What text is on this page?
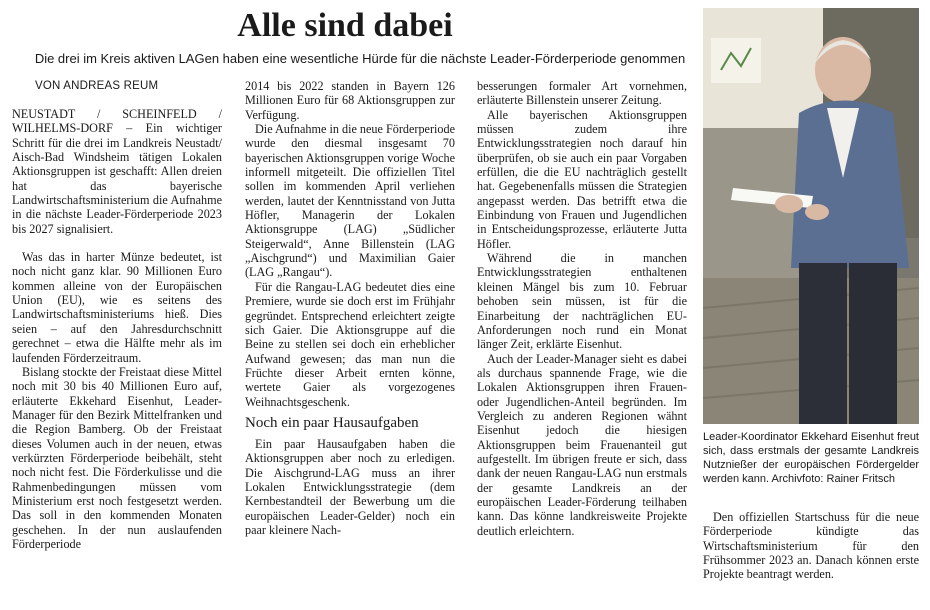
Alle sind dabei
Die drei im Kreis aktiven LAGen haben eine wesentliche Hürde für die nächste Leader-Förderperiode genommen
VON ANDREAS REUM

NEUSTADT / SCHEINFELD / WILHELMS-DORF – Ein wichtiger Schritt für die drei im Landkreis Neustadt/ Aisch-Bad Windsheim tätigen Lokalen Aktionsgruppen ist geschafft: Allen dreien hat das bayerische Landwirtschaftsministerium die Aufnahme in die nächste Leader-Förderperiode 2023 bis 2027 signalisiert.

Was das in harter Münze bedeutet, ist noch nicht ganz klar. 90 Millionen Euro kommen alleine von der Europäischen Union (EU), wie es seitens des Landwirtschaftsministeriums hieß. Dies seien – auf den Jahresdurchschnitt gerechnet – etwa die Hälfte mehr als im laufenden Förderzeitraum.

Bislang stockte der Freistaat diese Mittel noch mit 30 bis 40 Millionen Euro auf, erläuterte Ekkehard Eisenhut, Leader-Manager für den Bezirk Mittelfranken und die Region Bamberg. Ob der Freistaat dieses Volumen auch in der neuen, etwas verkürzten Förderperiode beibehält, steht noch nicht fest. Die Förderkulisse und die Rahmenbedingungen müssen vom Ministerium erst noch festgesetzt werden. Das soll in den kommenden Monaten geschehen. In der nun auslaufenden Förderperiode

2014 bis 2022 standen in Bayern 126 Millionen Euro für 68 Aktionsgruppen zur Verfügung.

Die Aufnahme in die neue Förderperiode wurde den diesmal insgesamt 70 bayerischen Aktionsgruppen vorige Woche informell mitgeteilt. Die offiziellen Titel sollen im kommenden April verliehen werden, lautet der Kenntnisstand von Jutta Höfler, Managerin der Lokalen Aktionsgruppe (LAG) „Südlicher Steigerwald“, Anne Billenstein (LAG „Aischgrund“) und Maximilian Gaier (LAG „Rangau“).

Für die Rangau-LAG bedeutet dies eine Premiere, wurde sie doch erst im Frühjahr gegründet. Entsprechend erleichtert zeigte sich Gaier. Die Aktionsgruppe auf die Beine zu stellen sei doch ein erheblicher Aufwand gewesen; das man nun die Früchte dieser Arbeit ernten könne, wertete Gaier als vorgezogenes Weihnachtsgeschenk.

Noch ein paar Hausaufgaben

Ein paar Hausaufgaben haben die Aktionsgruppen aber noch zu erledigen. Die Aischgrund-LAG muss an ihrer Lokalen Entwicklungsstrategie (dem Kernbestandteil der Bewerbung um die europäischen Leader-Gelder) noch ein paar kleinere Nach-

besserungen formaler Art vornehmen, erläuterte Billenstein unserer Zeitung.

Alle bayerischen Aktionsgruppen müssen zudem ihre Entwicklungsstrategien noch darauf hin überprüfen, ob sie auch ein paar Vorgaben erfüllen, die die EU nachträglich gestellt hat. Gegebenenfalls müssen die Strategien angepasst werden. Das betrifft etwa die Einbindung von Frauen und Jugendlichen in Entscheidungsprozesse, erläuterte Jutta Höfler.

Während die in manchen Entwicklungsstrategien enthaltenen kleinen Mängel bis zum 10. Februar behoben sein müssen, ist für die Einarbeitung der nachträglichen EU-Anforderungen noch rund ein Monat länger Zeit, erklärte Eisenhut.

Auch der Leader-Manager sieht es dabei als durchaus spannende Frage, wie die Lokalen Aktionsgruppen ihren Frauen- oder Jugendlichen-Anteil begründen. Im Vergleich zu anderen Regionen wähnt Eisenhut jedoch die hiesigen Aktionsgruppen beim Frauenanteil gut aufgestellt. Im übrigen freute er sich, dass dank der neuen Rangau-LAG nun erstmals der gesamte Landkreis an der europäischen Leader-Förderung teilhaben kann. Das könne landkreisweite Projekte deutlich erleichtern.

Leader-Koordinator Ekkehard Eisenhut freut sich, dass erstmals der gesamte Landkreis Nutznießer der europäischen Fördergelder werden kann. Archivfoto: Rainer Fritsch

Den offiziellen Startschuss für die neue Förderperiode kündigte das Wirtschaftsministerium für den Frühsommer 2023 an. Danach können erste Projekte beantragt werden.
